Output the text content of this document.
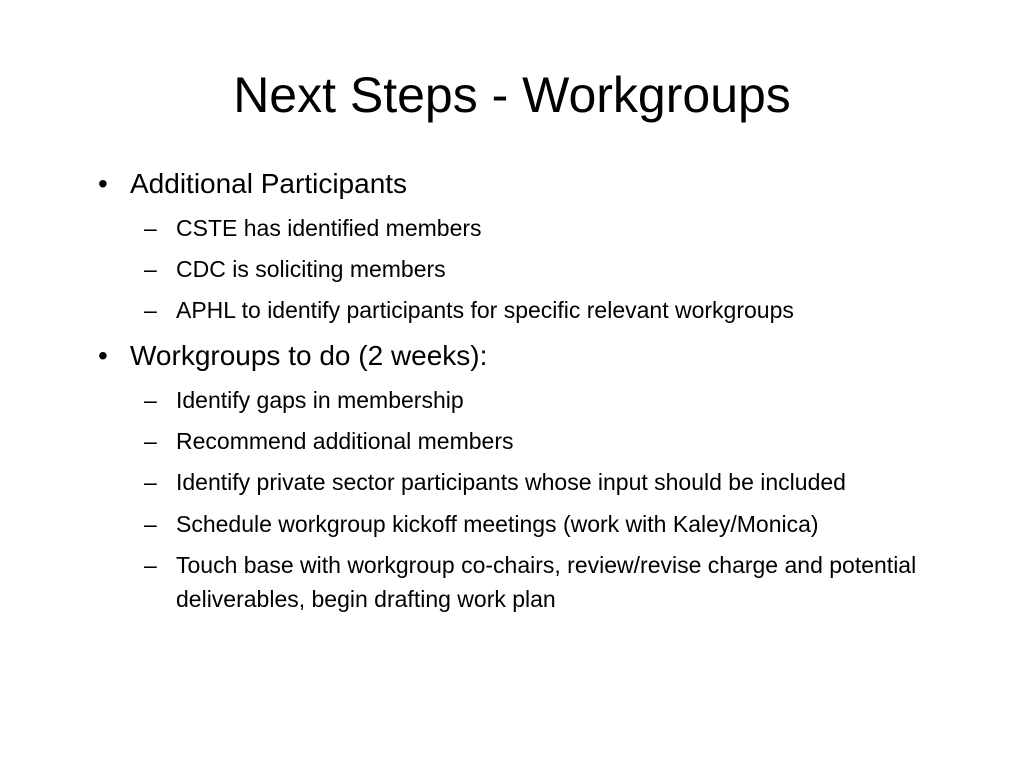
Next Steps - Workgroups
• Additional Participants
– CSTE has identified members
– CDC is soliciting members
– APHL to identify participants for specific relevant workgroups
• Workgroups to do (2 weeks):
– Identify gaps in membership
– Recommend additional members
– Identify private sector participants whose input should be included
– Schedule workgroup kickoff meetings (work with Kaley/Monica)
– Touch base with workgroup co-chairs, review/revise charge and potential deliverables, begin drafting work plan
